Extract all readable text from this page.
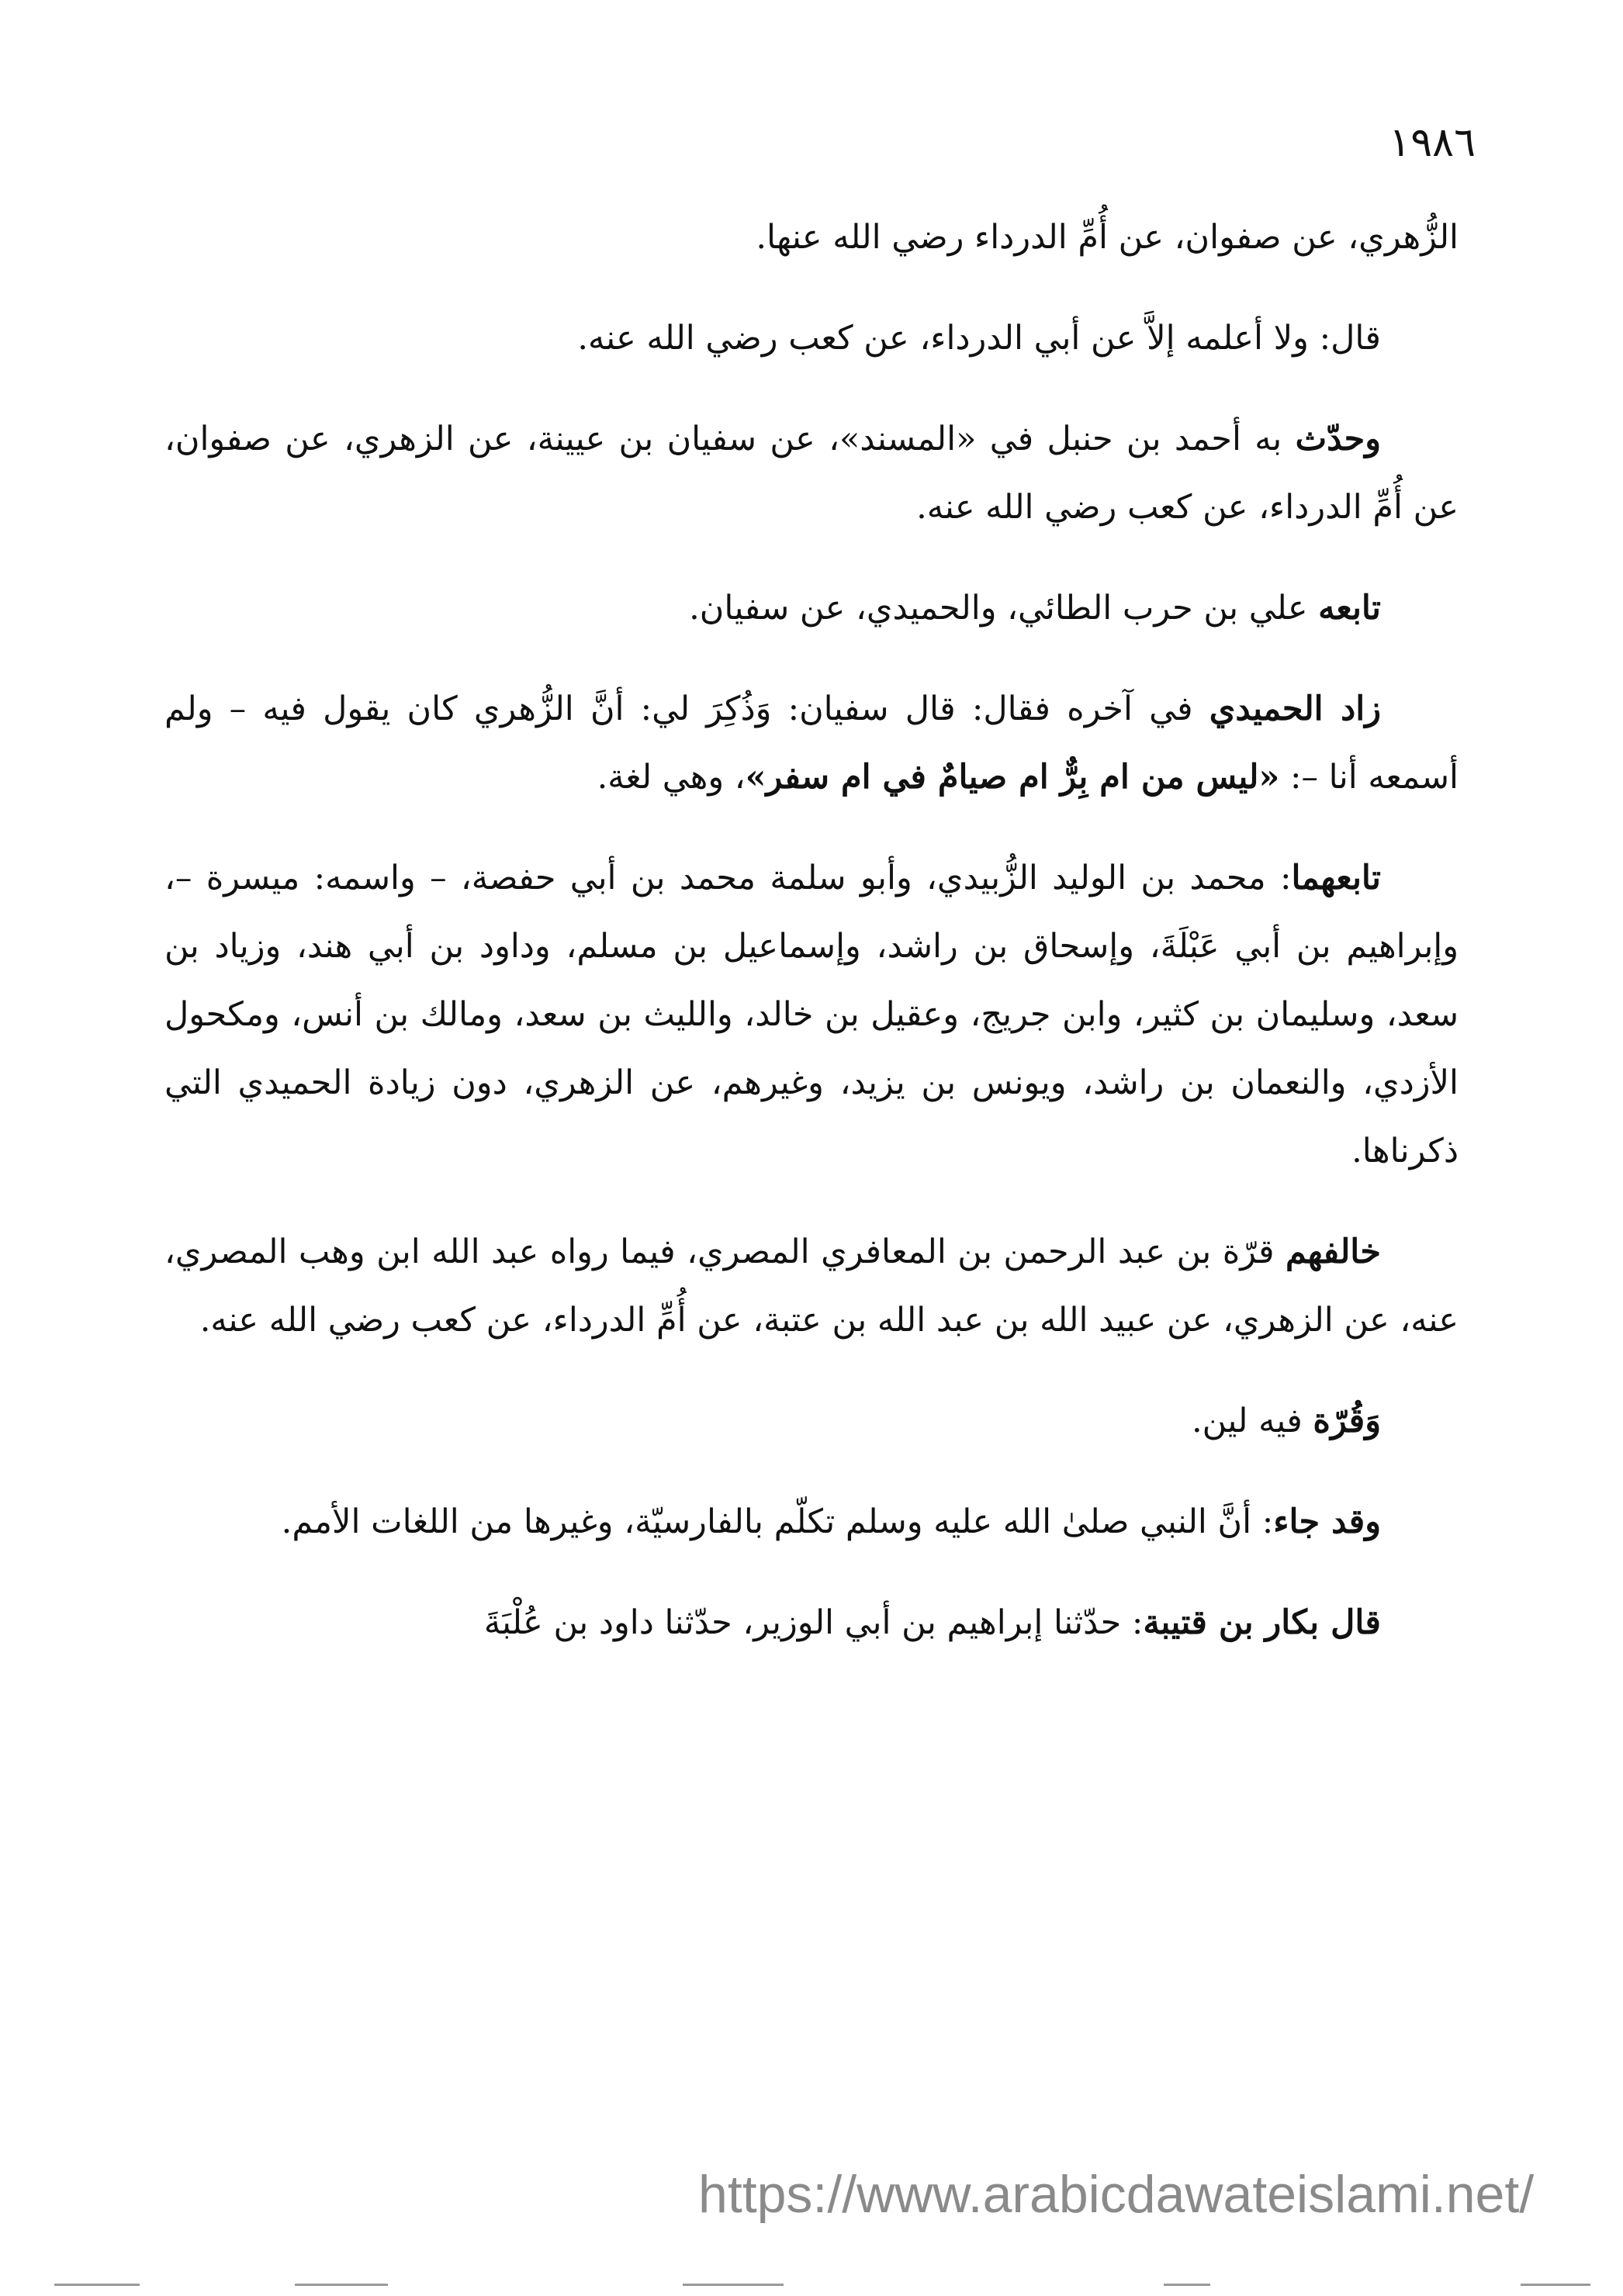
١٩٨٦

الزُّهري، عن صفوان، عن أُمِّ الدرداء رضي الله عنها.

قال: ولا أعلمه إلاَّ عن أبي الدرداء، عن كعب رضي الله عنه.

وحدّث به أحمد بن حنبل في «المسند»، عن سفيان بن عيينة، عن الزهري، عن صفوان، عن أُمِّ الدرداء، عن كعب رضي الله عنه.

تابعه علي بن حرب الطائي، والحميدي، عن سفيان.

زاد الحميدي في آخره فقال: قال سفيان: وَذُكِرَ لي: أنَّ الزُّهري كان يقول فيه – ولم أسمعه أنا –: «ليس من ام بِرٌّ ام صيامٌ في ام سفر»، وهي لغة.

تابعهما: محمد بن الوليد الزُّبيدي، وأبو سلمة محمد بن أبي حفصة، – واسمه: ميسرة –، وإبراهيم بن أبي عَبْلَةَ، وإسحاق بن راشد، وإسماعيل بن مسلم، وداود بن أبي هند، وزياد بن سعد، وسليمان بن كثير، وابن جريج، وعقيل بن خالد، والليث بن سعد، ومالك بن أنس، ومكحول الأزدي، والنعمان بن راشد، ويونس بن يزيد، وغيرهم، عن الزهري، دون زيادة الحميدي التي ذكرناها.

خالفهم قرّة بن عبد الرحمن بن المعافري المصري، فيما رواه عبد الله ابن وهب المصري، عنه، عن الزهري، عن عبيد الله بن عبد الله بن عتبة، عن أُمِّ الدرداء، عن كعب رضي الله عنه.

وَقُرّة فيه لين.

وقد جاء: أنَّ النبي صلىٰ الله عليه وسلم تكلّم بالفارسيّة، وغيرها من اللغات الأمم.

قال بكار بن قتيبة: حدّثنا إبراهيم بن أبي الوزير، حدّثنا داود بن عُلْبَةَ

https://www.arabicdawateislami.net/
